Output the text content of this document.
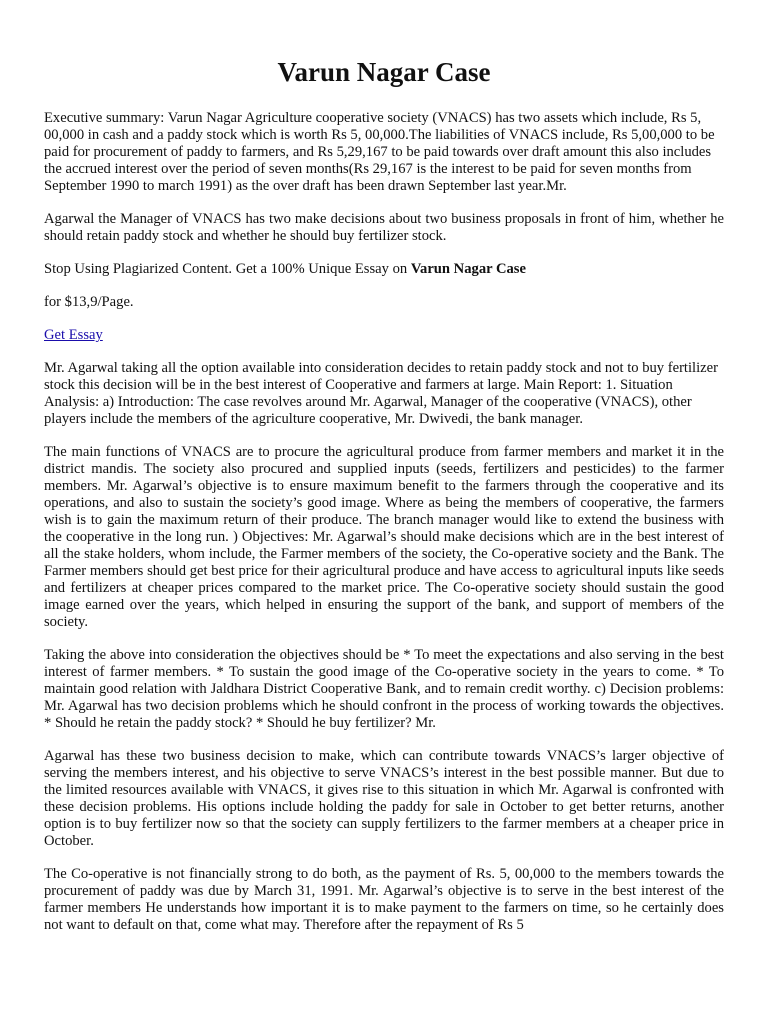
Varun Nagar Case

Executive summary: Varun Nagar Agriculture cooperative society (VNACS) has two assets which include, Rs 5, 00,000 in cash and a paddy stock which is worth Rs 5, 00,000.The liabilities of VNACS include, Rs 5,00,000 to be paid for procurement of paddy to farmers, and Rs 5,29,167 to be paid towards over draft amount this also includes the accrued interest over the period of seven months(Rs 29,167 is the interest to be paid for seven months from September 1990 to march 1991) as the over draft has been drawn September last year.Mr.

Agarwal the Manager of VNACS has two make decisions about two business proposals in front of him, whether he should retain paddy stock and whether he should buy fertilizer stock.

Stop Using Plagiarized Content. Get a 100% Unique Essay on Varun Nagar Case

for $13,9/Page.

Get Essay

Mr. Agarwal taking all the option available into consideration decides to retain paddy stock and not to buy fertilizer stock this decision will be in the best interest of Cooperative and farmers at large. Main Report: 1. Situation Analysis: a) Introduction: The case revolves around Mr. Agarwal, Manager of the cooperative (VNACS), other players include the members of the agriculture cooperative, Mr. Dwivedi, the bank manager.

The main functions of VNACS are to procure the agricultural produce from farmer members and market it in the district mandis. The society also procured and supplied inputs (seeds, fertilizers and pesticides) to the farmer members. Mr. Agarwal’s objective is to ensure maximum benefit to the farmers through the cooperative and its operations, and also to sustain the society’s good image. Where as being the members of cooperative, the farmers wish is to gain the maximum return of their produce. The branch manager would like to extend the business with the cooperative in the long run. ) Objectives: Mr. Agarwal’s should make decisions which are in the best interest of all the stake holders, whom include, the Farmer members of the society, the Co-operative society and the Bank. The Farmer members should get best price for their agricultural produce and have access to agricultural inputs like seeds and fertilizers at cheaper prices compared to the market price. The Co-operative society should sustain the good image earned over the years, which helped in ensuring the support of the bank, and support of members of the society.

Taking the above into consideration the objectives should be * To meet the expectations and also serving in the best interest of farmer members. * To sustain the good image of the Co-operative society in the years to come. * To maintain good relation with Jaldhara District Cooperative Bank, and to remain credit worthy. c) Decision problems: Mr. Agarwal has two decision problems which he should confront in the process of working towards the objectives. * Should he retain the paddy stock? * Should he buy fertilizer? Mr.

Agarwal has these two business decision to make, which can contribute towards VNACS’s larger objective of serving the members interest, and his objective to serve VNACS’s interest in the best possible manner. But due to the limited resources available with VNACS, it gives rise to this situation in which Mr. Agarwal is confronted with these decision problems. His options include holding the paddy for sale in October to get better returns, another option is to buy fertilizer now so that the society can supply fertilizers to the farmer members at a cheaper price in October.

The Co-operative is not financially strong to do both, as the payment of Rs. 5, 00,000 to the members towards the procurement of paddy was due by March 31, 1991. Mr. Agarwal’s objective is to serve in the best interest of the farmer members He understands how important it is to make payment to the farmers on time, so he certainly does not want to default on that, come what may. Therefore after the repayment of Rs 5
